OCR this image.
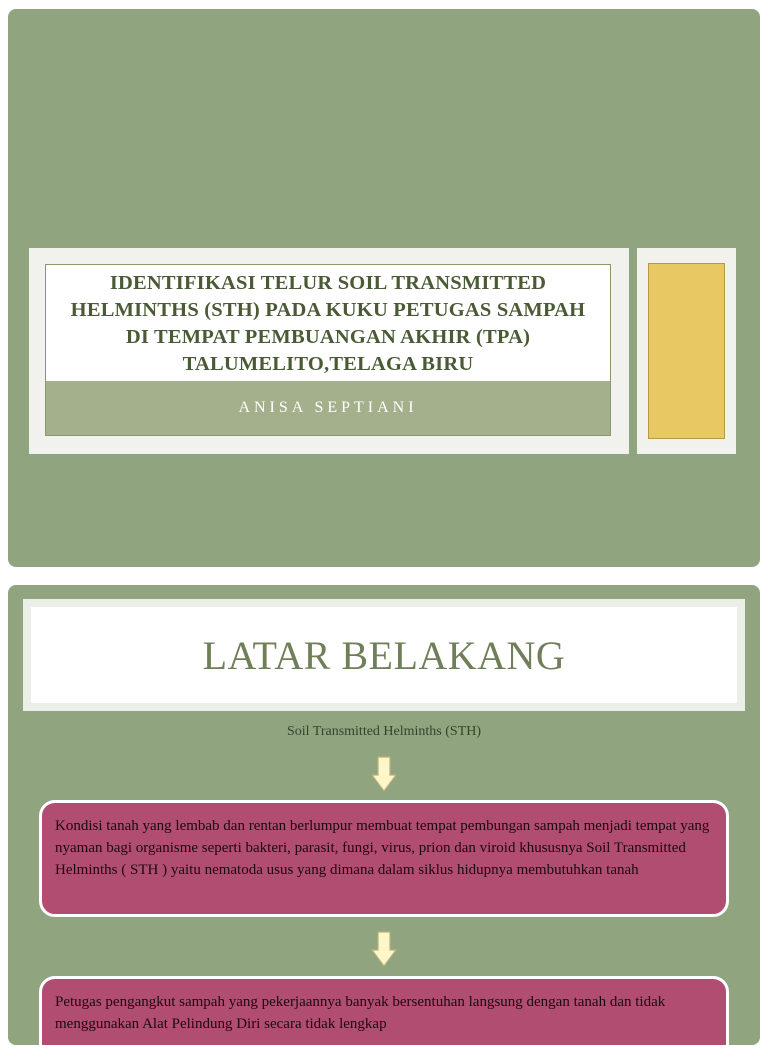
IDENTIFIKASI TELUR SOIL TRANSMITTED HELMINTHS (STH) PADA KUKU PETUGAS SAMPAH DI TEMPAT PEMBUANGAN AKHIR (TPA) TALUMELITO,TELAGA BIRU
ANISA SEPTIANI
LATAR BELAKANG
Soil Transmitted Helminths (STH)
Kondisi tanah yang lembab dan rentan berlumpur membuat tempat pembungan sampah menjadi tempat yang nyaman bagi organisme seperti bakteri, parasit, fungi, virus, prion dan viroid khususnya Soil Transmitted Helminths ( STH ) yaitu nematoda usus yang dimana dalam siklus hidupnya membutuhkan tanah
Petugas pengangkut sampah yang pekerjaannya banyak bersentuhan langsung dengan tanah dan tidak menggunakan Alat Pelindung Diri secara tidak lengkap
